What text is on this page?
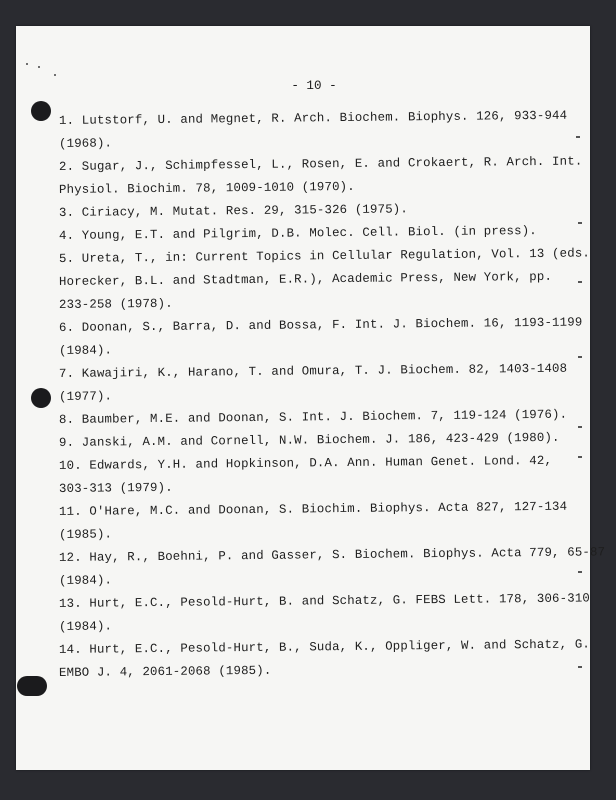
- 10 -
1. Lutstorf, U. and Megnet, R. Arch. Biochem. Biophys. 126, 933-944
(1968).
2. Sugar, J., Schimpfessel, L., Rosen, E. and Crokaert, R. Arch. Int.
Physiol. Biochim. 78, 1009-1010 (1970).
3. Ciriacy, M. Mutat. Res. 29, 315-326 (1975).
4. Young, E.T. and Pilgrim, D.B. Molec. Cell. Biol. (in press).
5. Ureta, T., in: Current Topics in Cellular Regulation, Vol. 13 (eds.
Horecker, B.L. and Stadtman, E.R.), Academic Press, New York, pp.
233-258 (1978).
6. Doonan, S., Barra, D. and Bossa, F. Int. J. Biochem. 16, 1193-1199
(1984).
7. Kawajiri, K., Harano, T. and Omura, T. J. Biochem. 82, 1403-1408
(1977).
8. Baumber, M.E. and Doonan, S. Int. J. Biochem. 7, 119-124 (1976).
9. Janski, A.M. and Cornell, N.W. Biochem. J. 186, 423-429 (1980).
10. Edwards, Y.H. and Hopkinson, D.A. Ann. Human Genet. Lond. 42,
303-313 (1979).
11. O'Hare, M.C. and Doonan, S. Biochim. Biophys. Acta 827, 127-134
(1985).
12. Hay, R., Boehni, P. and Gasser, S. Biochem. Biophys. Acta 779, 65-87
(1984).
13. Hurt, E.C., Pesold-Hurt, B. and Schatz, G. FEBS Lett. 178, 306-310
(1984).
14. Hurt, E.C., Pesold-Hurt, B., Suda, K., Oppliger, W. and Schatz, G.
EMBO J. 4, 2061-2068 (1985).
